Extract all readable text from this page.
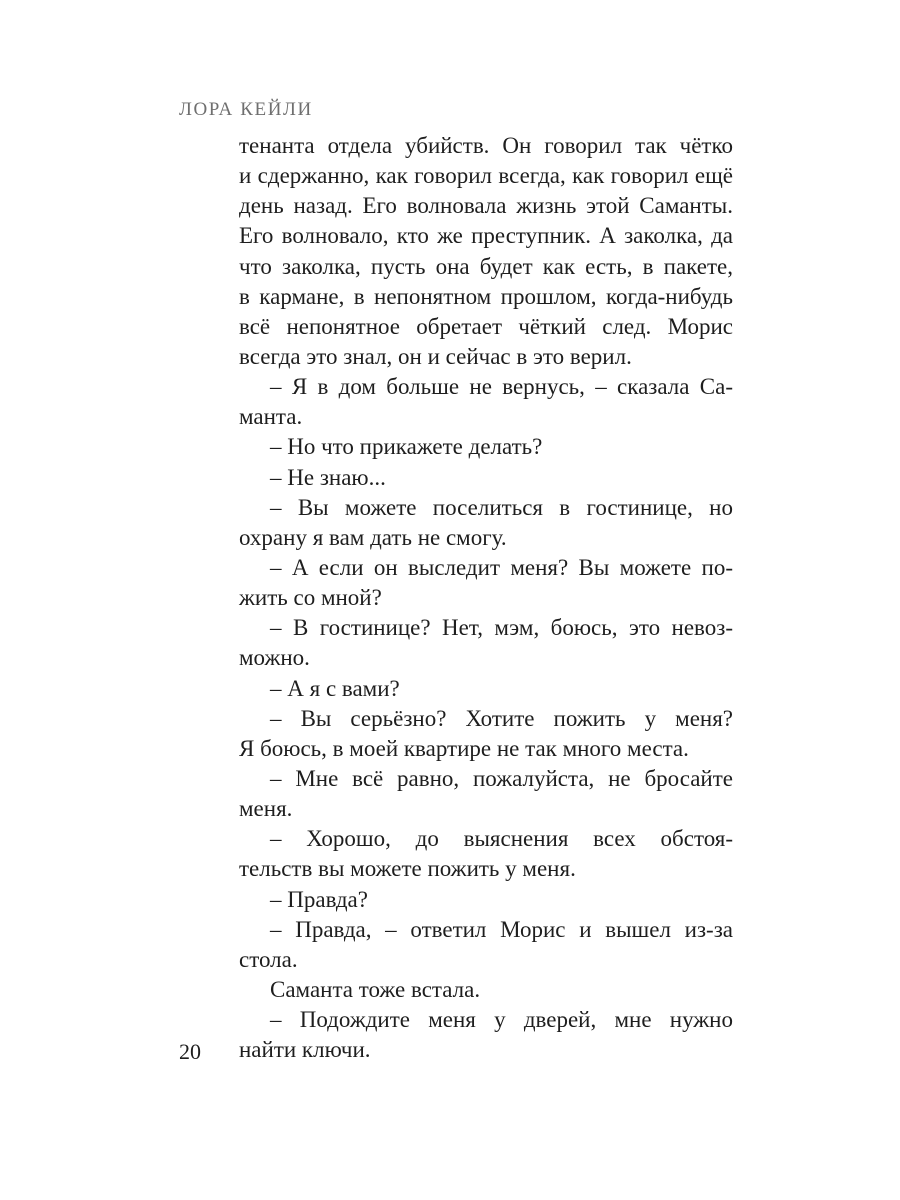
ЛОРА КЕЙЛИ
тенанта отдела убийств. Он говорил так чётко
и сдержанно, как говорил всегда, как говорил ещё
день назад. Его волновала жизнь этой Саманты.
Его волновало, кто же преступник. А заколка, да
что заколка, пусть она будет как есть, в пакете,
в кармане, в непонятном прошлом, когда-нибудь
всё непонятное обретает чёткий след. Морис
всегда это знал, он и сейчас в это верил.
– Я в дом больше не вернусь, – сказала Са-
манта.
– Но что прикажете делать?
– Не знаю...
– Вы можете поселиться в гостинице, но
охрану я вам дать не смогу.
– А если он выследит меня? Вы можете по-
жить со мной?
– В гостинице? Нет, мэм, боюсь, это невоз-
можно.
– А я с вами?
– Вы серьёзно? Хотите пожить у меня?
Я боюсь, в моей квартире не так много места.
– Мне всё равно, пожалуйста, не бросайте
меня.
– Хорошо, до выяснения всех обстоя-
тельств вы можете пожить у меня.
– Правда?
– Правда, – ответил Морис и вышел из-за
стола.
Саманта тоже встала.
– Подождите меня у дверей, мне нужно
найти ключи.
20
